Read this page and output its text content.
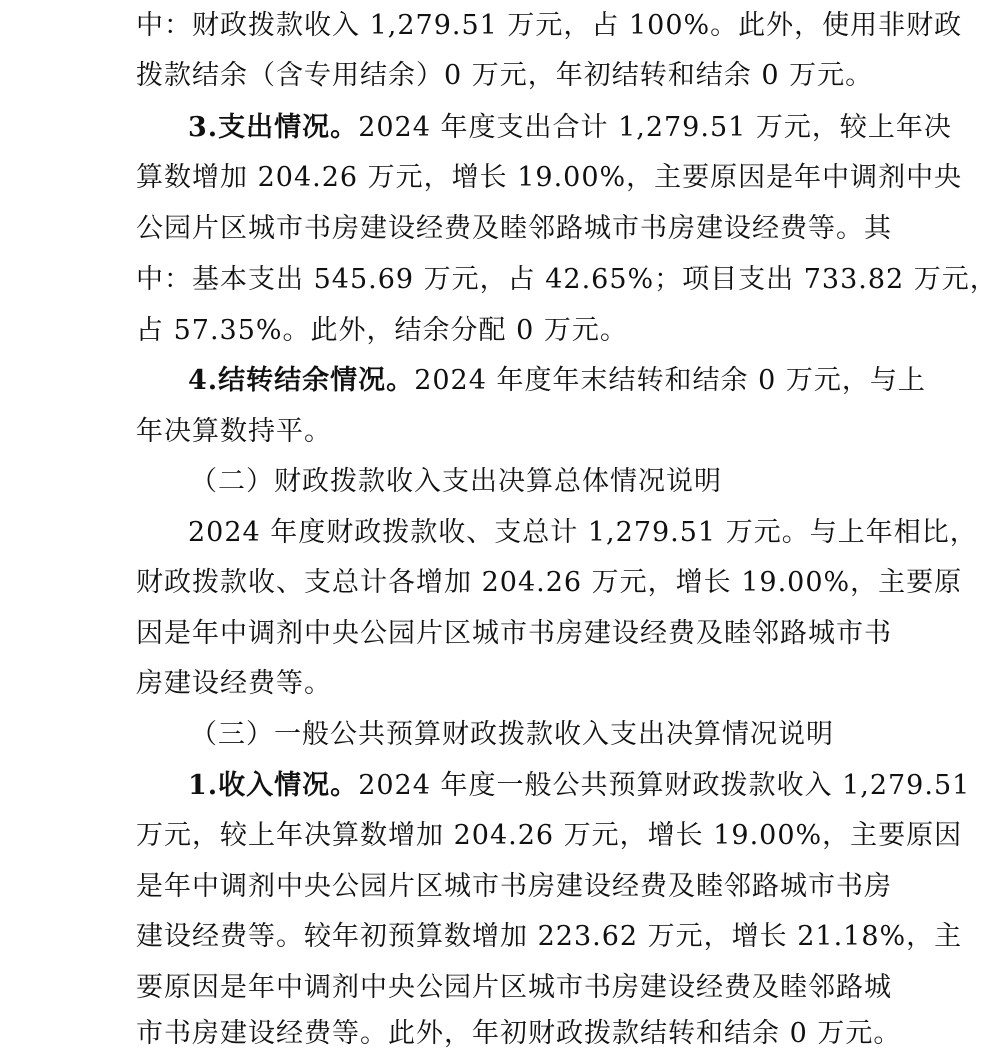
中：财政拨款收入 1,279.51 万元，占 100%。此外，使用非财政
拨款结余（含专用结余）0 万元，年初结转和结余 0 万元。
3.支出情况。2024 年度支出合计 1,279.51 万元，较上年决
算数增加 204.26 万元，增长 19.00%，主要原因是年中调剂中央
公园片区城市书房建设经费及睦邻路城市书房建设经费等。其
中：基本支出 545.69 万元，占 42.65%；项目支出 733.82 万元，
占 57.35%。此外，结余分配 0 万元。
4.结转结余情况。2024 年度年末结转和结余 0 万元，与上
年决算数持平。
（二）财政拨款收入支出决算总体情况说明
2024 年度财政拨款收、支总计 1,279.51 万元。与上年相比，
财政拨款收、支总计各增加 204.26 万元，增长 19.00%，主要原
因是年中调剂中央公园片区城市书房建设经费及睦邻路城市书
房建设经费等。
（三）一般公共预算财政拨款收入支出决算情况说明
1.收入情况。2024 年度一般公共预算财政拨款收入 1,279.51
万元，较上年决算数增加 204.26 万元，增长 19.00%，主要原因
是年中调剂中央公园片区城市书房建设经费及睦邻路城市书房
建设经费等。较年初预算数增加 223.62 万元，增长 21.18%，主
要原因是年中调剂中央公园片区城市书房建设经费及睦邻路城
市书房建设经费等。此外，年初财政拨款结转和结余 0 万元。
